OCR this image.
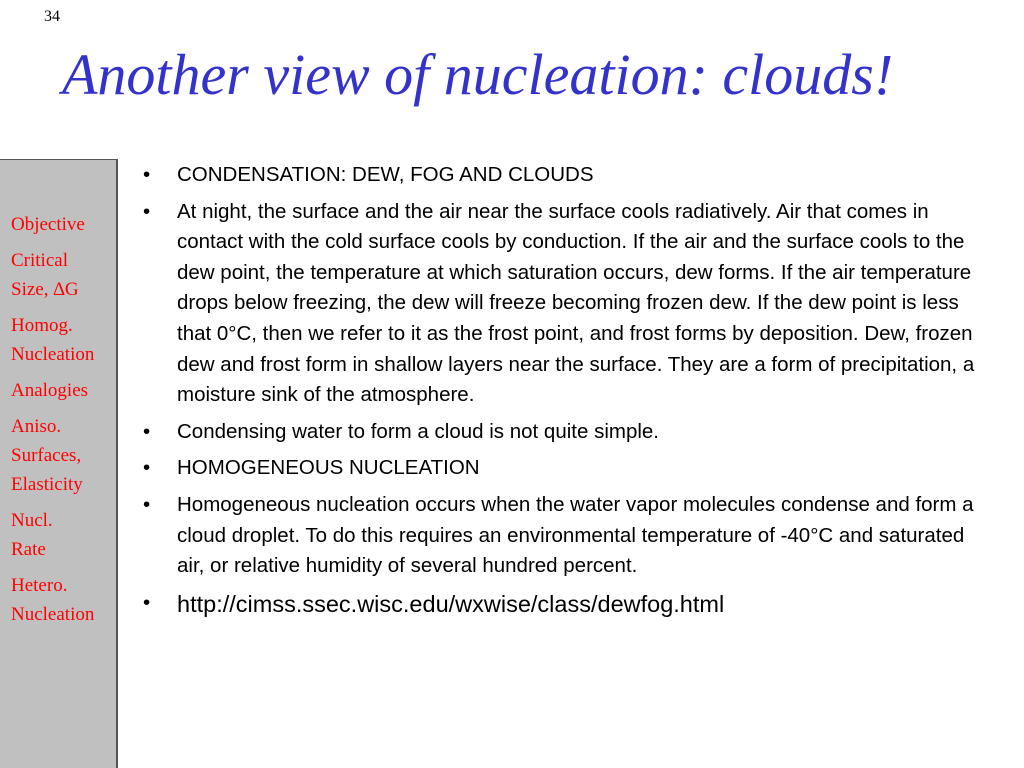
34
Another view of nucleation: clouds!
Objective
Critical
Size, ∆G
Homog.
Nucleation
Analogies
Aniso.
Surfaces,
Elasticity
Nucl.
Rate
Hetero.
Nucleation
• CONDENSATION: DEW, FOG AND CLOUDS
• At night, the surface and the air near the surface cools radiatively. Air that comes in contact with the cold surface cools by conduction. If the air and the surface cools to the dew point, the temperature at which saturation occurs, dew forms. If the air temperature drops below freezing, the dew will freeze becoming frozen dew. If the dew point is less that 0°C, then we refer to it as the frost point, and frost forms by deposition. Dew, frozen dew and frost form in shallow layers near the surface. They are a form of precipitation, a moisture sink of the atmosphere.
• Condensing water to form a cloud is not quite simple.
• HOMOGENEOUS NUCLEATION
• Homogeneous nucleation occurs when the water vapor molecules condense and form a cloud droplet. To do this requires an environmental temperature of -40°C and saturated air, or relative humidity of several hundred percent.
• http://cimss.ssec.wisc.edu/wxwise/class/dewfog.html
